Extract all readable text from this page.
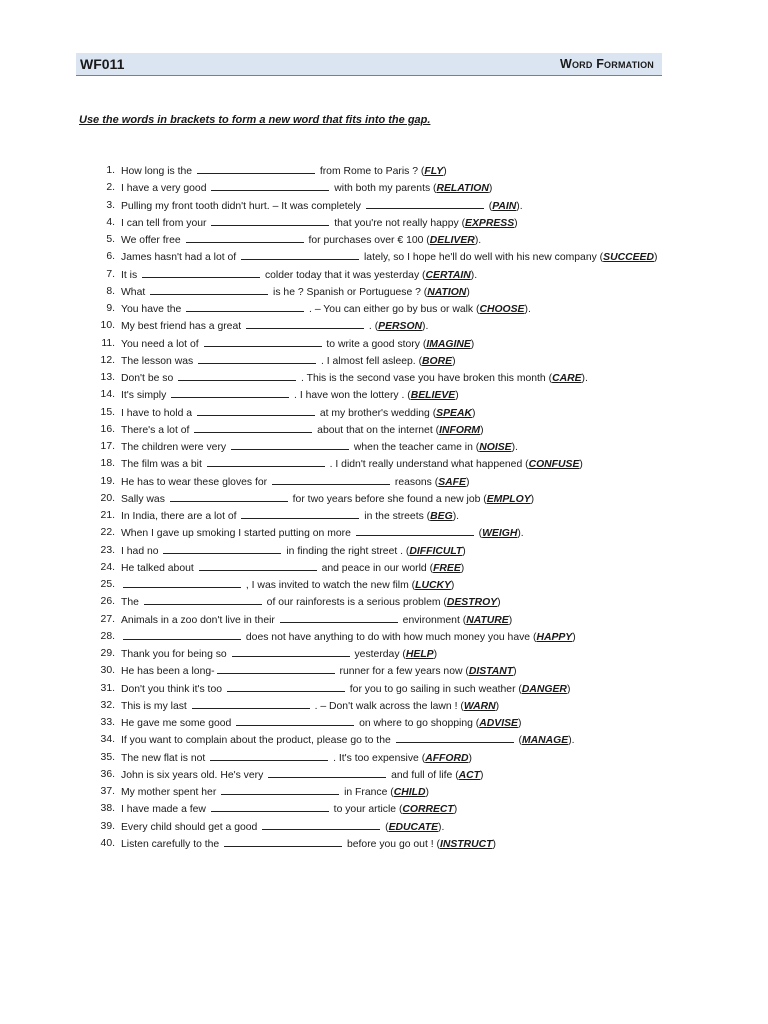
WF011	Word Formation
Use the words in brackets to form a new word that fits into the gap.
1. How long is the	from Rome to Paris ? (FLY)
2. I have a very good	with both my parents (RELATION)
3. Pulling my front tooth didn't hurt. – It was completely	(PAIN).
4. I can tell from your	that you're not really happy (EXPRESS)
5. We offer free	for purchases over € 100 (DELIVER).
6. James hasn't had a lot of	lately, so I hope he'll do well with his new company (SUCCEED)
7. It is	colder today that it was yesterday (CERTAIN).
8. What	is he ? Spanish or Portuguese ? (NATION)
9. You have the	. – You can either go by bus or walk (CHOOSE).
10. My best friend has a great	. (PERSON).
11. You need a lot of	to write a good story (IMAGINE)
12. The lesson was	. I almost fell asleep. (BORE)
13. Don't be so	. This is the second vase you have broken this month (CARE).
14. It's simply	. I have won the lottery . (BELIEVE)
15. I have to hold a	at my brother's wedding (SPEAK)
16. There's a lot of	about that on the internet (INFORM)
17. The children were very	when the teacher came in (NOISE).
18. The film was a bit	. I didn't really understand what happened (CONFUSE)
19. He has to wear these gloves for	reasons (SAFE)
20. Sally was	for two years before she found a new job (EMPLOY)
21. In India, there are a lot of	in the streets (BEG).
22. When I gave up smoking I started putting on more	(WEIGH).
23. I had no	in finding the right street . (DIFFICULT)
24. He talked about	and peace in our world (FREE)
25.	, I was invited to watch the new film (LUCKY)
26. The	of our rainforests is a serious problem (DESTROY)
27. Animals in a zoo don't live in their	environment (NATURE)
28.	does not have anything to do with how much money you have (HAPPY)
29. Thank you for being so	yesterday (HELP)
30. He has been a long-	runner for a few years now (DISTANT)
31. Don't you think it's too	for you to go sailing in such weather (DANGER)
32. This is my last	. – Don't walk across the lawn ! (WARN)
33. He gave me some good	on where to go shopping (ADVISE)
34. If you want to complain about the product, please go to the	(MANAGE).
35. The new flat is not	. It's too expensive (AFFORD)
36. John is six years old. He's very	and full of life (ACT)
37. My mother spent her	in France (CHILD)
38. I have made a few	to your article (CORRECT)
39. Every child should get a good	(EDUCATE).
40. Listen carefully to the	before you go out ! (INSTRUCT)
